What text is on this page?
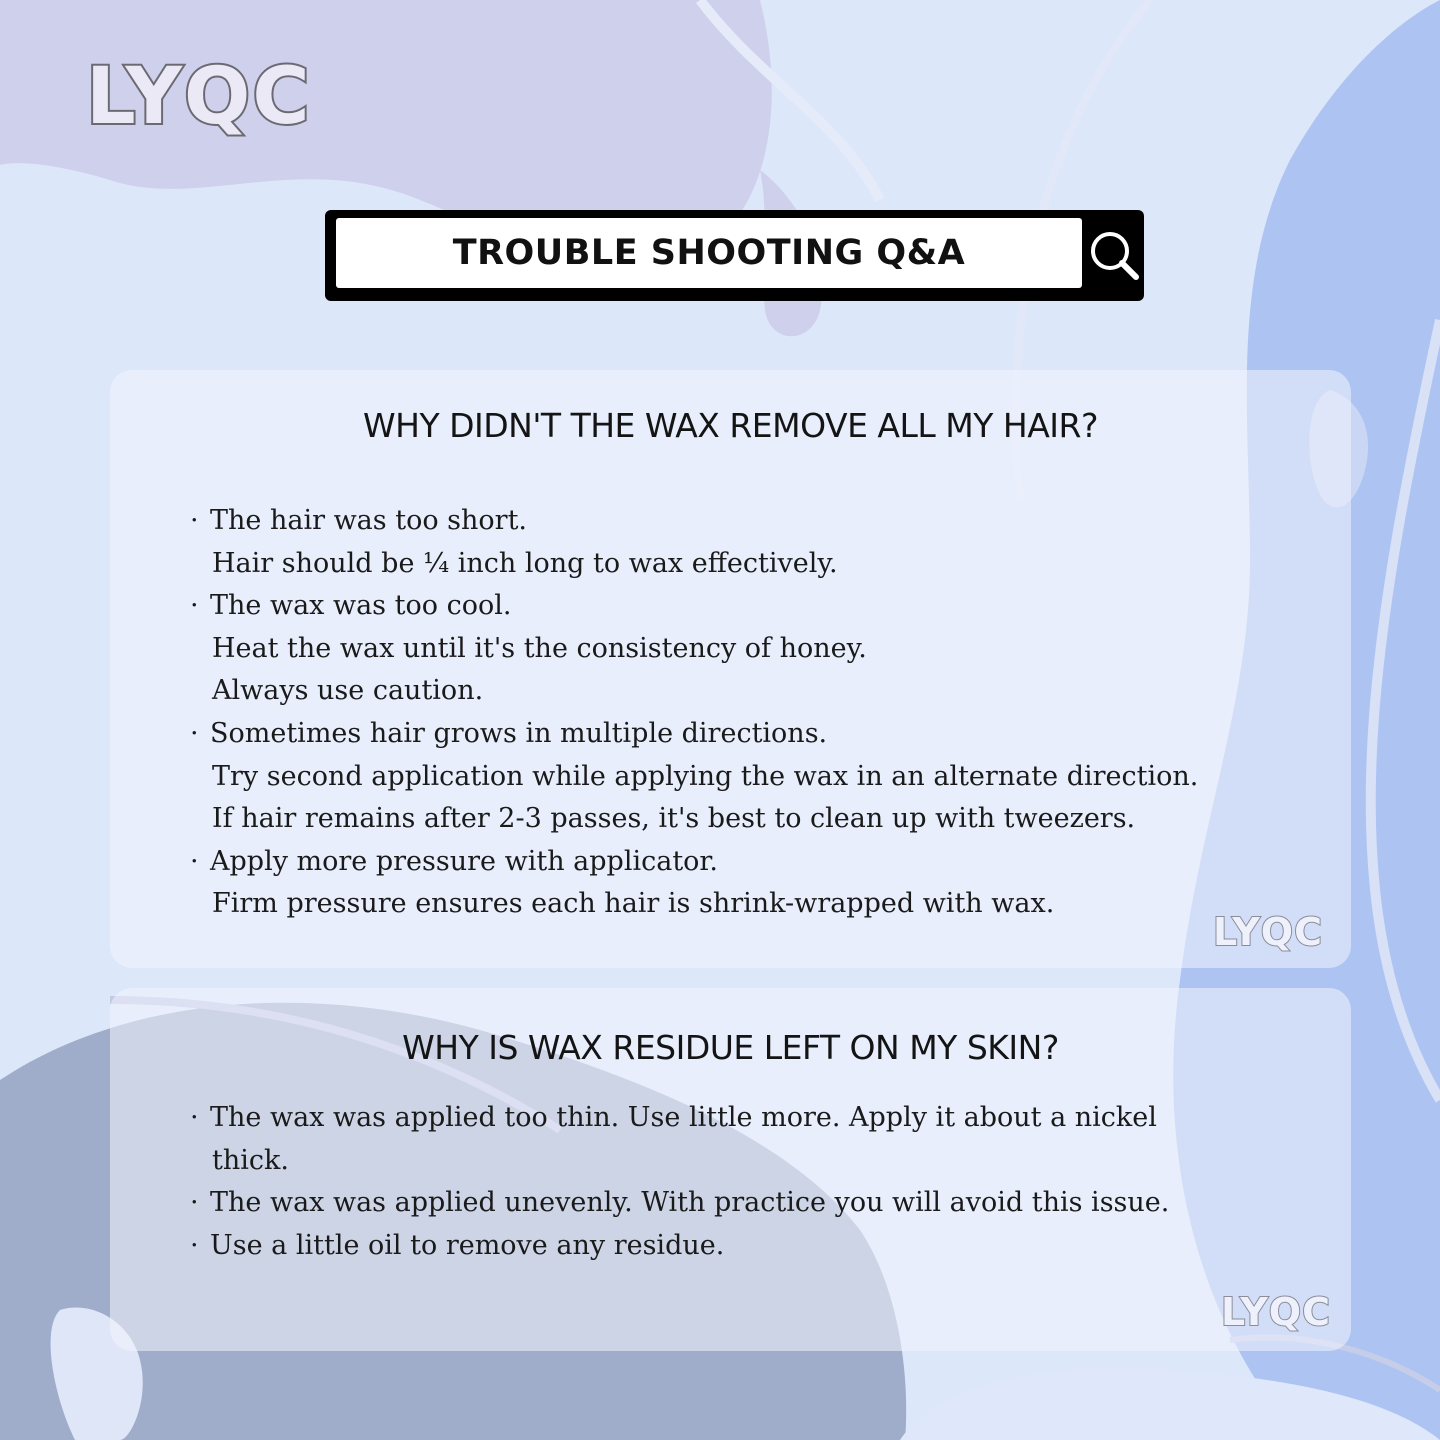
LYQC
TROUBLE SHOOTING Q&A
WHY DIDN'T THE WAX REMOVE ALL MY HAIR?
· The hair was too short.
Hair should be ¼ inch long to wax effectively.
· The wax was too cool.
Heat the wax until it's the consistency of honey.
Always use caution.
· Sometimes hair grows in multiple directions.
Try second application while applying the wax in an alternate direction.
If hair remains after 2-3 passes, it's best to clean up with tweezers.
· Apply more pressure with applicator.
Firm pressure ensures each hair is shrink-wrapped with wax.
LYQC
WHY IS WAX RESIDUE LEFT ON MY SKIN?
· The wax was applied too thin. Use little more. Apply it about a nickel
thick.
· The wax was applied unevenly. With practice you will avoid this issue.
· Use a little oil to remove any residue.
LYQC
